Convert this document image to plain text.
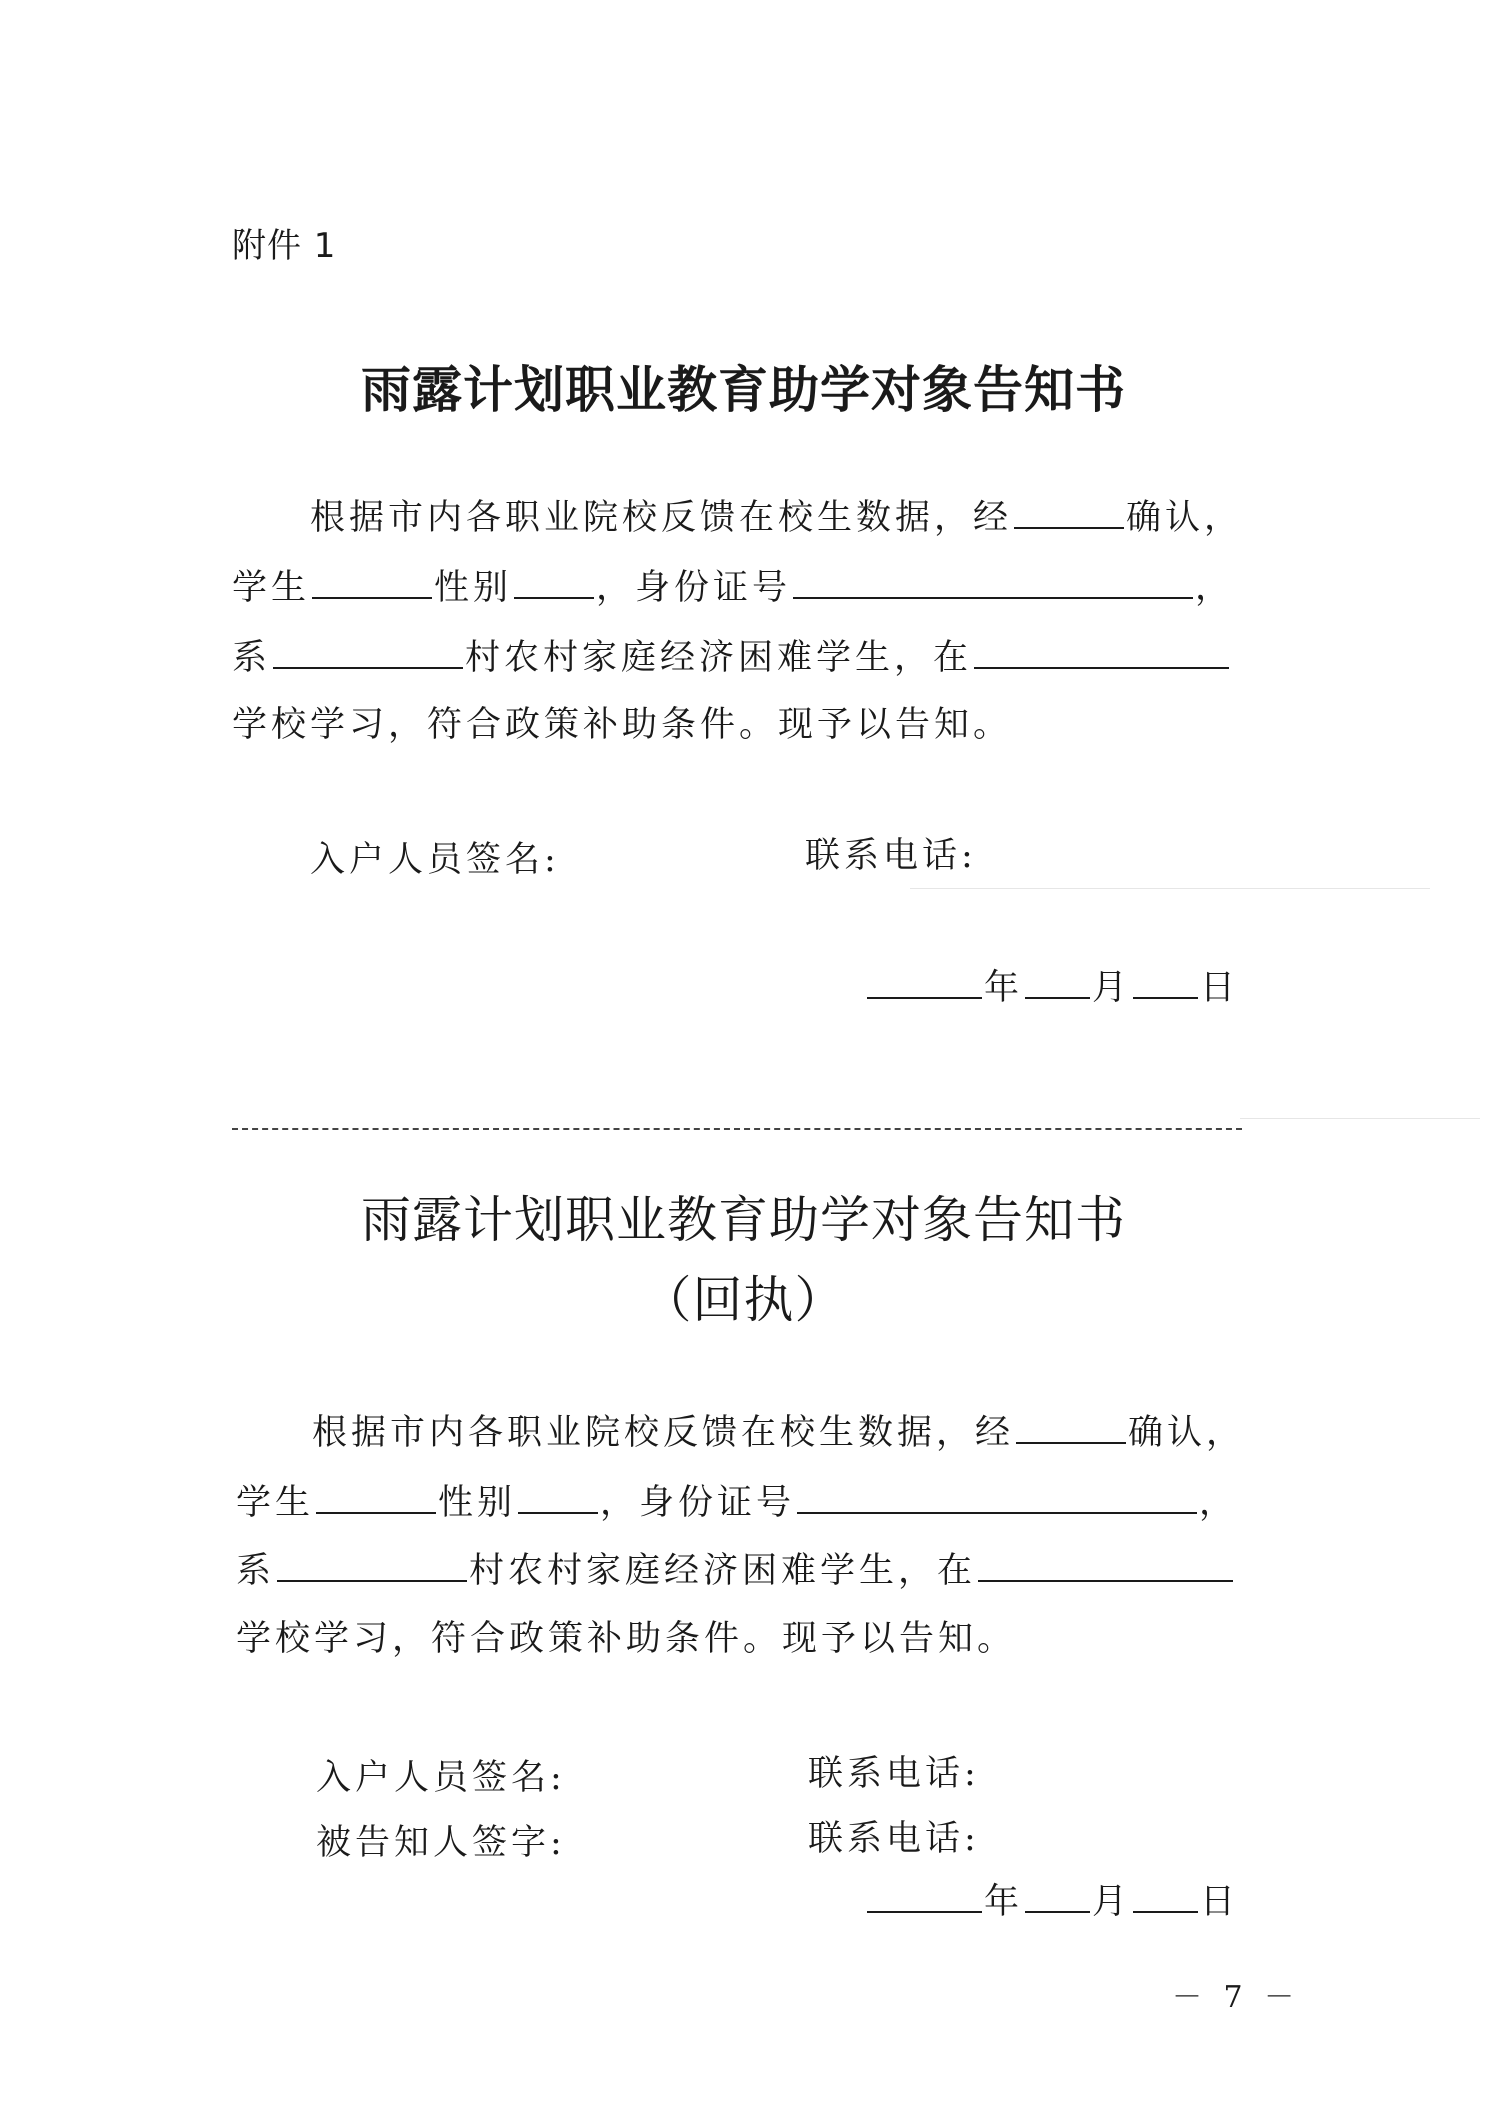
附件 1
雨露计划职业教育助学对象告知书
根据市内各职业院校反馈在校生数据，经	确认，
学生	性别 ，身份证号	，
系	村农村家庭经济困难学生，在
学校学习，符合政策补助条件。现予以告知。
入户人员签名:	联系电话:
年 月 日
雨露计划职业教育助学对象告知书
（回执）
根据市内各职业院校反馈在校生数据，经	确认，
学生	性别 ，身份证号	，
系	村农村家庭经济困难学生，在
学校学习，符合政策补助条件。现予以告知。
入户人员签名:	联系电话:
被告知人签字:	联系电话:
年 月 日
－ 7 －
